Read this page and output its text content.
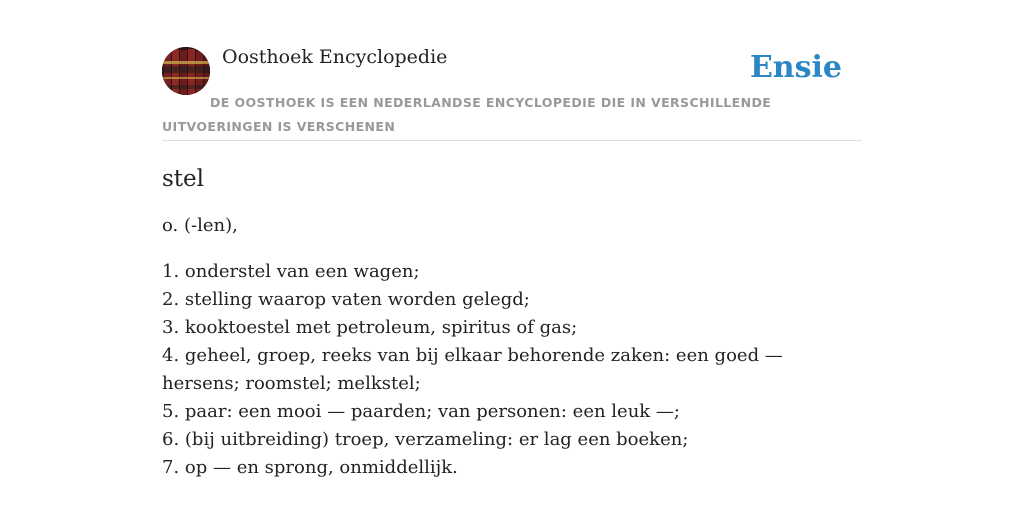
Oosthoek Encyclopedie	Ensie
DE OOSTHOEK IS EEN NEDERLANDSE ENCYCLOPEDIE DIE IN VERSCHILLENDE UITVOERINGEN IS VERSCHENEN
stel

o. (-len),

1. onderstel van een wagen;
2. stelling waarop vaten worden gelegd;
3. kooktoestel met petroleum, spiritus of gas;
4. geheel, groep, reeks van bij elkaar behorende zaken: een goed — hersens; roomstel; melkstel;
5. paar: een mooi — paarden; van personen: een leuk —;
6. (bij uitbreiding) troep, verzameling: er lag een boeken;
7. op — en sprong, onmiddellijk.
